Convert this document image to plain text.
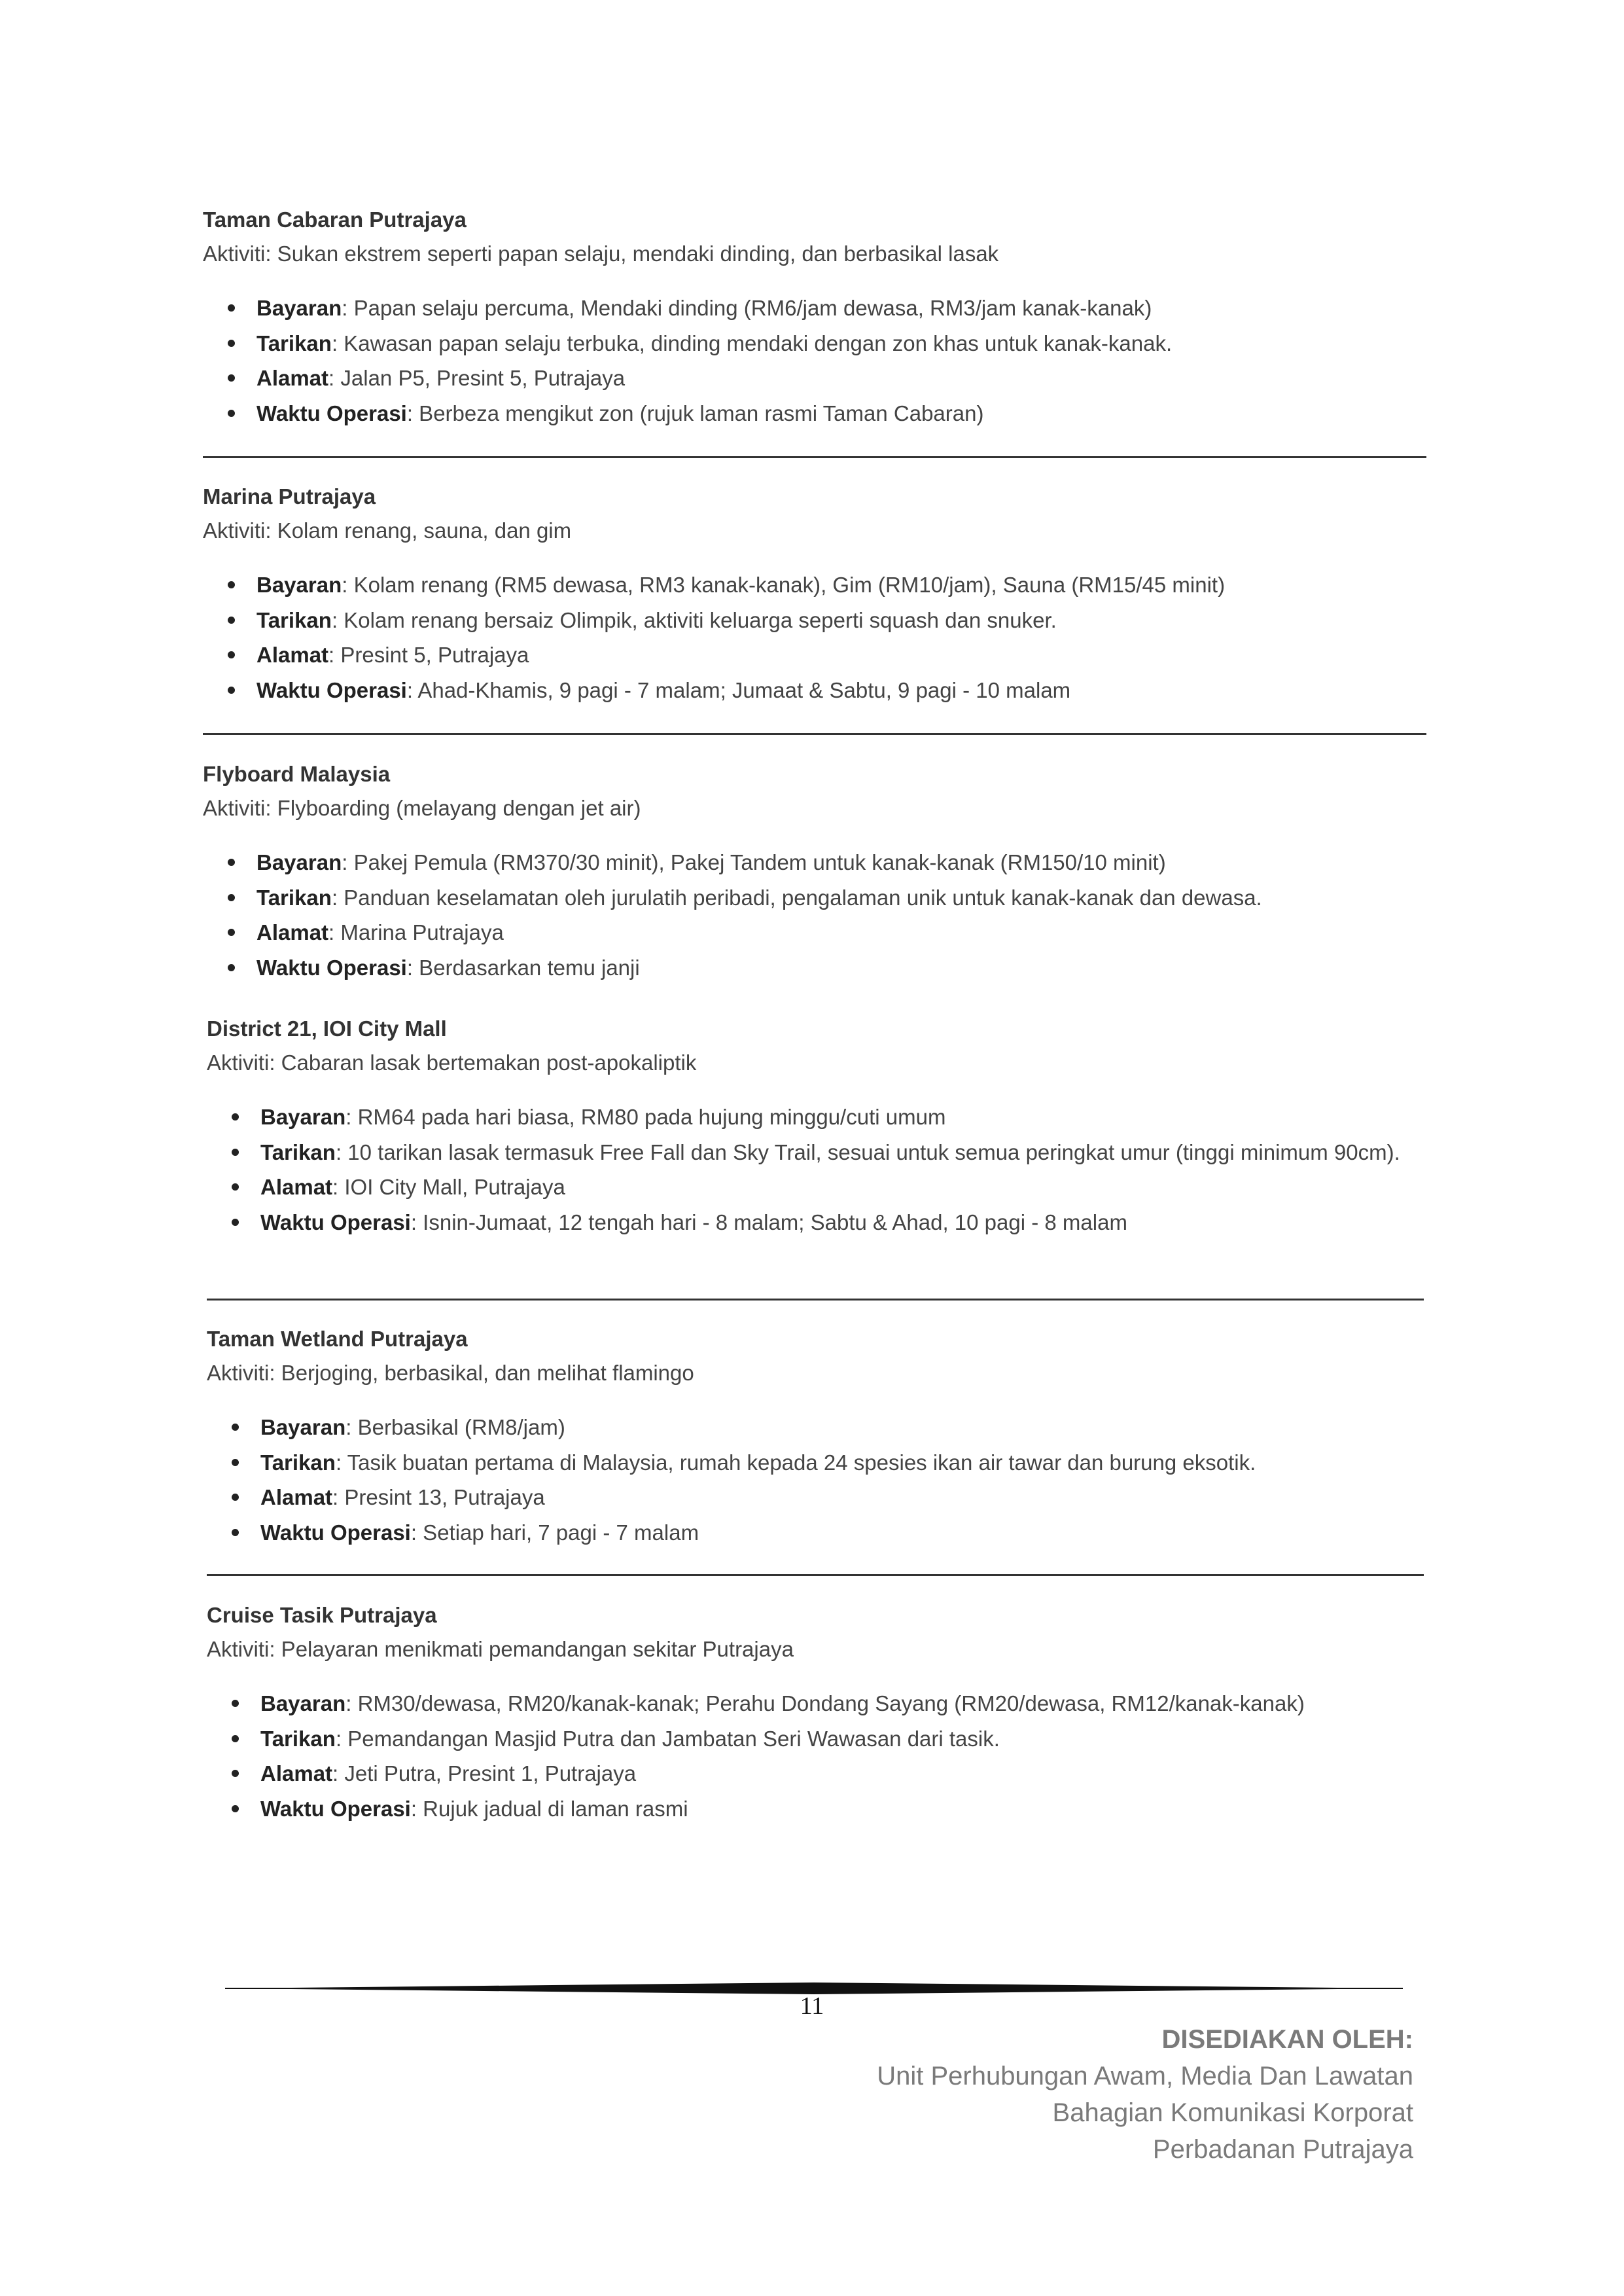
Taman Cabaran Putrajaya
Aktiviti: Sukan ekstrem seperti papan selaju, mendaki dinding, dan berbasikal lasak
Bayaran: Papan selaju percuma, Mendaki dinding (RM6/jam dewasa, RM3/jam kanak-kanak)
Tarikan: Kawasan papan selaju terbuka, dinding mendaki dengan zon khas untuk kanak-kanak.
Alamat: Jalan P5, Presint 5, Putrajaya
Waktu Operasi: Berbeza mengikut zon (rujuk laman rasmi Taman Cabaran)
Marina Putrajaya
Aktiviti: Kolam renang, sauna, dan gim
Bayaran: Kolam renang (RM5 dewasa, RM3 kanak-kanak), Gim (RM10/jam), Sauna (RM15/45 minit)
Tarikan: Kolam renang bersaiz Olimpik, aktiviti keluarga seperti squash dan snuker.
Alamat: Presint 5, Putrajaya
Waktu Operasi: Ahad-Khamis, 9 pagi - 7 malam; Jumaat & Sabtu, 9 pagi - 10 malam
Flyboard Malaysia
Aktiviti: Flyboarding (melayang dengan jet air)
Bayaran: Pakej Pemula (RM370/30 minit), Pakej Tandem untuk kanak-kanak (RM150/10 minit)
Tarikan: Panduan keselamatan oleh jurulatih peribadi, pengalaman unik untuk kanak-kanak dan dewasa.
Alamat: Marina Putrajaya
Waktu Operasi: Berdasarkan temu janji
District 21, IOI City Mall
Aktiviti: Cabaran lasak bertemakan post-apokaliptik
Bayaran: RM64 pada hari biasa, RM80 pada hujung minggu/cuti umum
Tarikan: 10 tarikan lasak termasuk Free Fall dan Sky Trail, sesuai untuk semua peringkat umur (tinggi minimum 90cm).
Alamat: IOI City Mall, Putrajaya
Waktu Operasi: Isnin-Jumaat, 12 tengah hari - 8 malam; Sabtu & Ahad, 10 pagi - 8 malam
Taman Wetland Putrajaya
Aktiviti: Berjoging, berbasikal, dan melihat flamingo
Bayaran: Berbasikal (RM8/jam)
Tarikan: Tasik buatan pertama di Malaysia, rumah kepada 24 spesies ikan air tawar dan burung eksotik.
Alamat: Presint 13, Putrajaya
Waktu Operasi: Setiap hari, 7 pagi - 7 malam
Cruise Tasik Putrajaya
Aktiviti: Pelayaran menikmati pemandangan sekitar Putrajaya
Bayaran: RM30/dewasa, RM20/kanak-kanak; Perahu Dondang Sayang (RM20/dewasa, RM12/kanak-kanak)
Tarikan: Pemandangan Masjid Putra dan Jambatan Seri Wawasan dari tasik.
Alamat: Jeti Putra, Presint 1, Putrajaya
Waktu Operasi: Rujuk jadual di laman rasmi
11
DISEDIAKAN OLEH:
Unit Perhubungan Awam, Media Dan Lawatan
Bahagian Komunikasi Korporat
Perbadanan Putrajaya
